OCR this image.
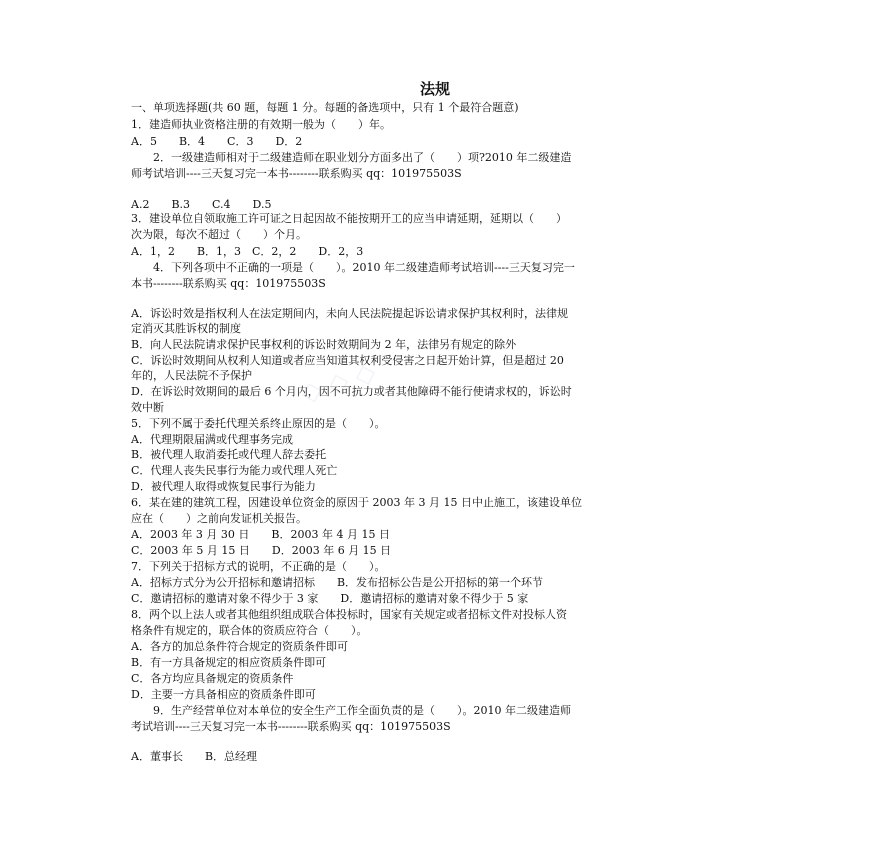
◇ ◇ ◇
法规
一、单项选择题(共 60 题，每题 1 分。每题的备选项中，只有 1 个最符合题意)
1．建造师执业资格注册的有效期一般为（　　）年。
A．5　　B．4　　C．3　　D．2
　　2．一级建造师相对于二级建造师在职业划分方面多出了（　　）项?2010 年二级建造
师考试培训----三天复习完一本书--------联系购买 qq：101975503S
A.2　　B.3　　C.4　　D.5
3．建设单位自领取施工许可证之日起因故不能按期开工的应当申请延期，延期以（　　）
次为限，每次不超过（　　）个月。
A．1，2　　B．1，3　C．2，2　　D．2，3
　　4．下列各项中不正确的一项是（　　）。2010 年二级建造师考试培训----三天复习完一
本书--------联系购买 qq：101975503S
A．诉讼时效是指权利人在法定期间内，未向人民法院提起诉讼请求保护其权利时，法律规
定消灭其胜诉权的制度
B．向人民法院请求保护民事权利的诉讼时效期间为 2 年，法律另有规定的除外
C．诉讼时效期间从权利人知道或者应当知道其权利受侵害之日起开始计算，但是超过 20
年的，人民法院不予保护
D．在诉讼时效期间的最后 6 个月内，因不可抗力或者其他障碍不能行使请求权的，诉讼时
效中断
5．下列不属于委托代理关系终止原因的是（　　）。
A．代理期限届满或代理事务完成
B．被代理人取消委托或代理人辞去委托
C．代理人丧失民事行为能力或代理人死亡
D．被代理人取得或恢复民事行为能力
6．某在建的建筑工程，因建设单位资金的原因于 2003 年 3 月 15 日中止施工，该建设单位
应在（　　）之前向发证机关报告。
A．2003 年 3 月 30 日　　B．2003 年 4 月 15 日
C．2003 年 5 月 15 日　　D．2003 年 6 月 15 日
7．下列关于招标方式的说明，不正确的是（　　）。
A．招标方式分为公开招标和邀请招标　　B．发布招标公告是公开招标的第一个环节
C．邀请招标的邀请对象不得少于 3 家　　D．邀请招标的邀请对象不得少于 5 家
8．两个以上法人或者其他组织组成联合体投标时，国家有关规定或者招标文件对投标人资
格条件有规定的，联合体的资质应符合（　　）。
A．各方的加总条件符合规定的资质条件即可
B．有一方具备规定的相应资质条件即可
C．各方均应具备规定的资质条件
D．主要一方具备相应的资质条件即可
　　9．生产经营单位对本单位的安全生产工作全面负责的是（　　）。2010 年二级建造师
考试培训----三天复习完一本书--------联系购买 qq：101975503S
A．董事长　　B．总经理
